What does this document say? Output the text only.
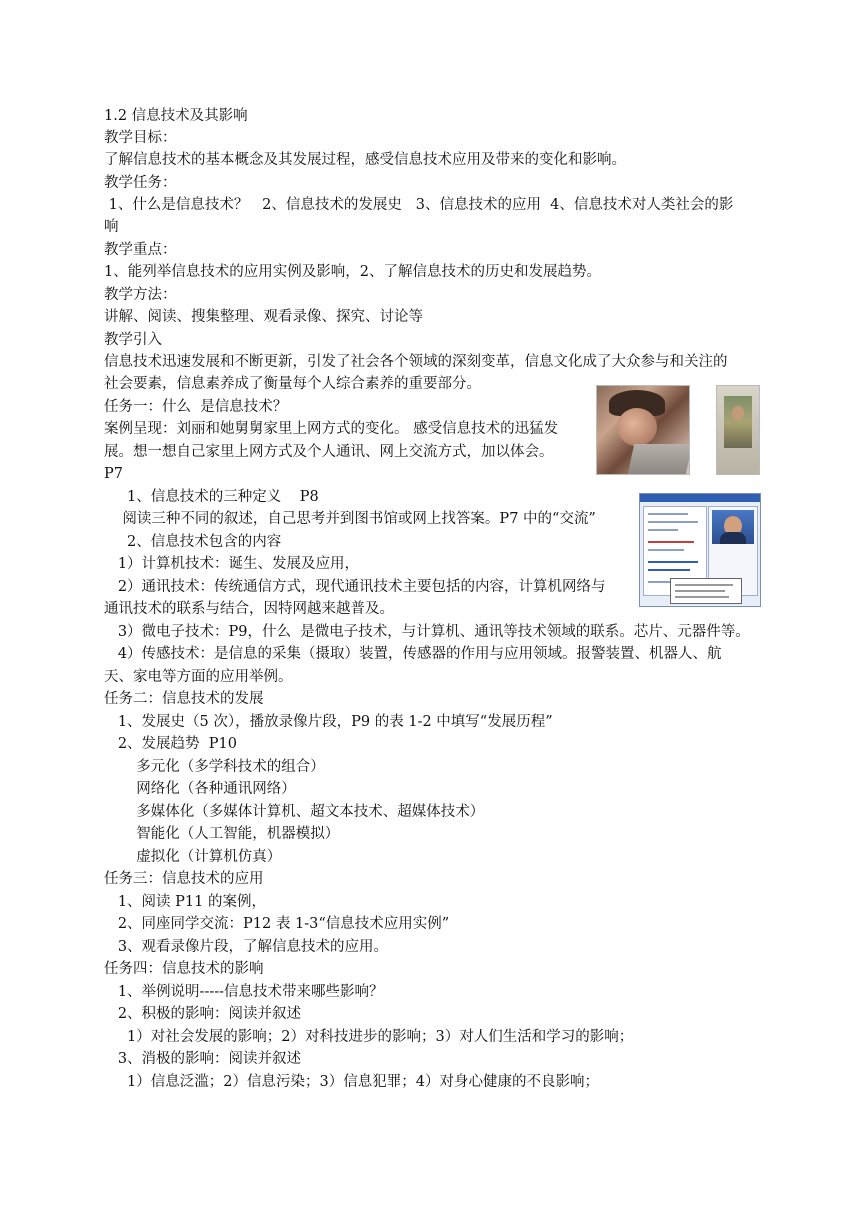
1.2 信息技术及其影响
教学目标：
了解信息技术的基本概念及其发展过程，感受信息技术应用及带来的变化和影响。
教学任务：
1、什么是信息技术？   2、信息技术的发展史   3、信息技术的应用  4、信息技术对人类社会的影
响
教学重点：
1、能列举信息技术的应用实例及影响，2、了解信息技术的历史和发展趋势。
教学方法：
讲解、阅读、搜集整理、观看录像、探究、讨论等
教学引入
信息技术迅速发展和不断更新，引发了社会各个领域的深刻变革，信息文化成了大众参与和关注的
社会要素，信息素养成了衡量每个人综合素养的重要部分。
任务一：什么  是信息技术？
案例呈现：刘丽和她舅舅家里上网方式的变化。 感受信息技术的迅猛发
展。想一想自己家里上网方式及个人通讯、网上交流方式，加以体会。
P7
1、信息技术的三种定义    P8
阅读三种不同的叙述，自己思考并到图书馆或网上找答案。P7 中的“交流”
2、信息技术包含的内容
1）计算机技术：诞生、发展及应用，
2）通讯技术：传统通信方式，现代通讯技术主要包括的内容，计算机网络与
通讯技术的联系与结合，因特网越来越普及。
3）微电子技术：P9，什么  是微电子技术，与计算机、通讯等技术领域的联系。芯片、元器件等。
4）传感技术：是信息的采集（摄取）装置，传感器的作用与应用领域。报警装置、机器人、航
天、家电等方面的应用举例。
任务二：信息技术的发展
1、发展史（5 次），播放录像片段，P9 的表 1-2 中填写“发展历程”
2、发展趋势  P10
多元化（多学科技术的组合）
网络化（各种通讯网络）
多媒体化（多媒体计算机、超文本技术、超媒体技术）
智能化（人工智能，机器模拟）
虚拟化（计算机仿真）
任务三：信息技术的应用
1、阅读 P11 的案例，
2、同座同学交流：P12 表 1-3“信息技术应用实例”
3、观看录像片段，了解信息技术的应用。
任务四：信息技术的影响
1、举例说明-----信息技术带来哪些影响？
2、积极的影响：阅读并叙述
1）对社会发展的影响；2）对科技进步的影响；3）对人们生活和学习的影响；
3、消极的影响：阅读并叙述
1）信息泛滥；2）信息污染；3）信息犯罪；4）对身心健康的不良影响；
